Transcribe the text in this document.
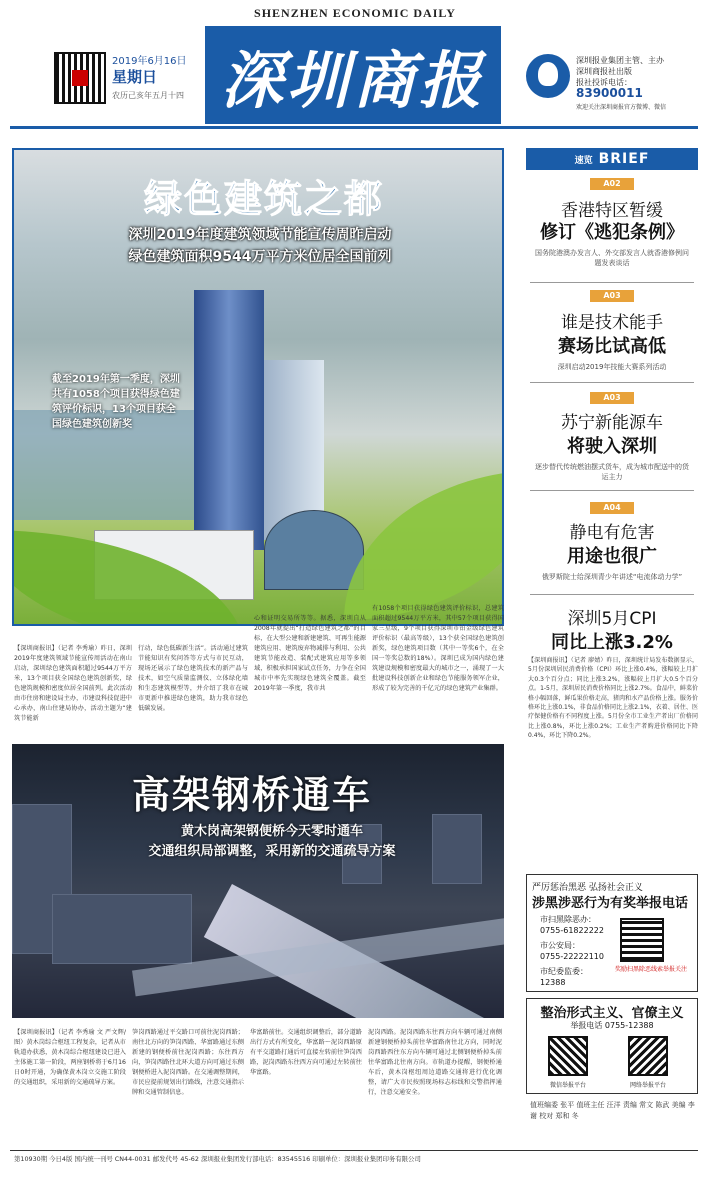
SHENZHEN ECONOMIC DAILY
2019年6月16日
星期日
农历己亥年五月十四 深圳商报	深圳报业集团主管、主办
深圳商报社出版
报社投诉电话：
83900011
欢迎关注深圳商报官方微博、微信
绿色建筑之都
深圳2019年度建筑领域节能宣传周昨启动
绿色建筑面积9544万平方米位居全国前列
截至2019年第一季度，深圳共有1058个项目获得绿色建筑评价标识，13个项目获全国绿色建筑创新奖
【深圳商报讯】（记者 李秀瑜）昨日，深圳2019年度建筑领域节能宣传周活动在南山启动，深圳绿色建筑面积超过9544万平方米，13个项目获全国绿色建筑创新奖，绿色建筑规模和密度位居全国前列。此次活动由市住房和建设局主办，市建设科技促进中心承办，南山住建局协办，活动主题为“建筑节能新
行动，绿色低碳新生活”。活动通过建筑节能知识有奖问答等方式与市民互动，现场还展示了绿色建筑技术的新产品与技术，如空气质量监测仪、立体绿化墙和生态建筑模型等，并介绍了我市在城市更新中推进绿色建筑，助力我市绿色低碳发展。
心和证明交易所等等。据悉，深圳自从2008年就提出“打造绿色建筑之都”的目标，在大型公建和新建建筑、可再生能源建筑应用、建筑废弃物减排与利用、公共建筑节能改造、装配式建筑应用等多领域，积极承担国家试点任务，力争在全国城市中率先实现绿色建筑全覆盖。截至2019年第一季度，我市共
有1058个项目获得绿色建筑评价标识，总建筑面积超过9544万平方米，其中57个项目获得国家三星级，9个项目获得深圳市铂金级绿色建筑评价标识（最高等级），13个获全国绿色建筑创新奖，绿色建筑项目数（其中一等奖6个，在全国一等奖总数的18%）。深圳已成为国内绿色建筑建设规模和密度最大的城市之一，涌现了一大批建设科技创新企业和绿色节能服务领军企业，形成了较为完善的千亿元的绿色建筑产业集群。
高架钢桥通车
黄木岗高架钢便桥今天零时通车
交通组织局部调整，采用新的交通疏导方案
【深圳商报讯】（记者 李秀瑜 文 严文辉/图）黄木岗综合枢纽工程复杂，记者从市轨道办获悉，黄木岗综合枢纽建设已进入主体施工第一阶段，两座钢桥将于6月16日0时开通，为确保黄木岗立交施工阶段的交通组织，采用新的交通疏导方案。
笋岗西路通过平交路口可前往泥岗西路；南往北方向的笋岗西路、华富路通过东侧新建的钢便桥前往泥岗西路；东往西方向，笋岗西路往北环大道方向可通过东侧钢便桥进入泥岗西路。在交通调整期间，市民应提前规划出行路线，注意交通指示牌和交通管制信息。
华富路前往。交通组织调整后，部分道路出行方式有所变化，华富路～泥岗西路原有平交道路打通后可直接左转前往笋岗西路，泥岗西路东往西方向可通过左转前往华富路。
泥岗西路。泥岗西路东往西方向车辆可通过南侧新建钢便桥掉头前往华富路南往北方向，同时泥岗西路西往东方向车辆可通过北侧钢便桥掉头前往华富路北往南方向。市轨道办提醒，钢便桥通车后，黄木岗枢纽周边道路交通将进行优化调整，请广大市民按照现场标志标线和交警指挥通行，注意交通安全。
速览 BRIEF
A02
香港特区暂缓
修订《逃犯条例》
国务院港澳办发言人、外交部发言人就香港修例问题发表谈话
A03
谁是技术能手
赛场比试高低
深圳启动2019年技能大赛系列活动
A03
苏宁新能源车
将驶入深圳
逐步替代传统燃油摆式货车，成为城市配送中的货运主力
A04
静电有危害
用途也很广
俄罗斯院士给深圳青少年讲述“电流体动力学”
深圳5月CPI
同比上涨3.2%
【深圳商报讯】（记者 廖婧）昨日，深圳统计局发布数据显示，5月份深圳居民消费价格（CPI）环比上涨0.4%，涨幅较上月扩大0.3个百分点；同比上涨3.2%，涨幅较上月扩大0.5个百分点。1-5月，深圳居民消费价格同比上涨2.7%。食品中，鲜菜价格小幅回落，鲜瓜果价格走高，猪肉和水产品价格上涨。服务价格环比上涨0.1%，非食品价格同比上涨2.1%，衣着、居住、医疗保健价格有不同程度上涨。5月份全市工业生产者出厂价格同比上涨0.8%，环比上涨0.2%；工业生产者购进价格同比下降0.4%，环比下降0.2%。
严厉惩治黑恶 弘扬社会正义
涉黑涉恶行为有奖举报电话
市扫黑除恶办：
0755-61822222
市公安局：
0755-22222110
市纪委监委：
12388
奖励扫黑除恶线索举报关注
整治形式主义、官僚主义
举报电话 0755-12388
微信举报平台	网络举报平台
值班编委 张平 值班主任 汪洋 责编 常文 陈武 美编 李 谢 校对 郑和 冬
第10930期 今日4版 国内统一刊号 CN44-0031 邮发代号 45-62 深圳报业集团发行部电话：83545516 印刷单位：深圳报业集团印务有限公司
